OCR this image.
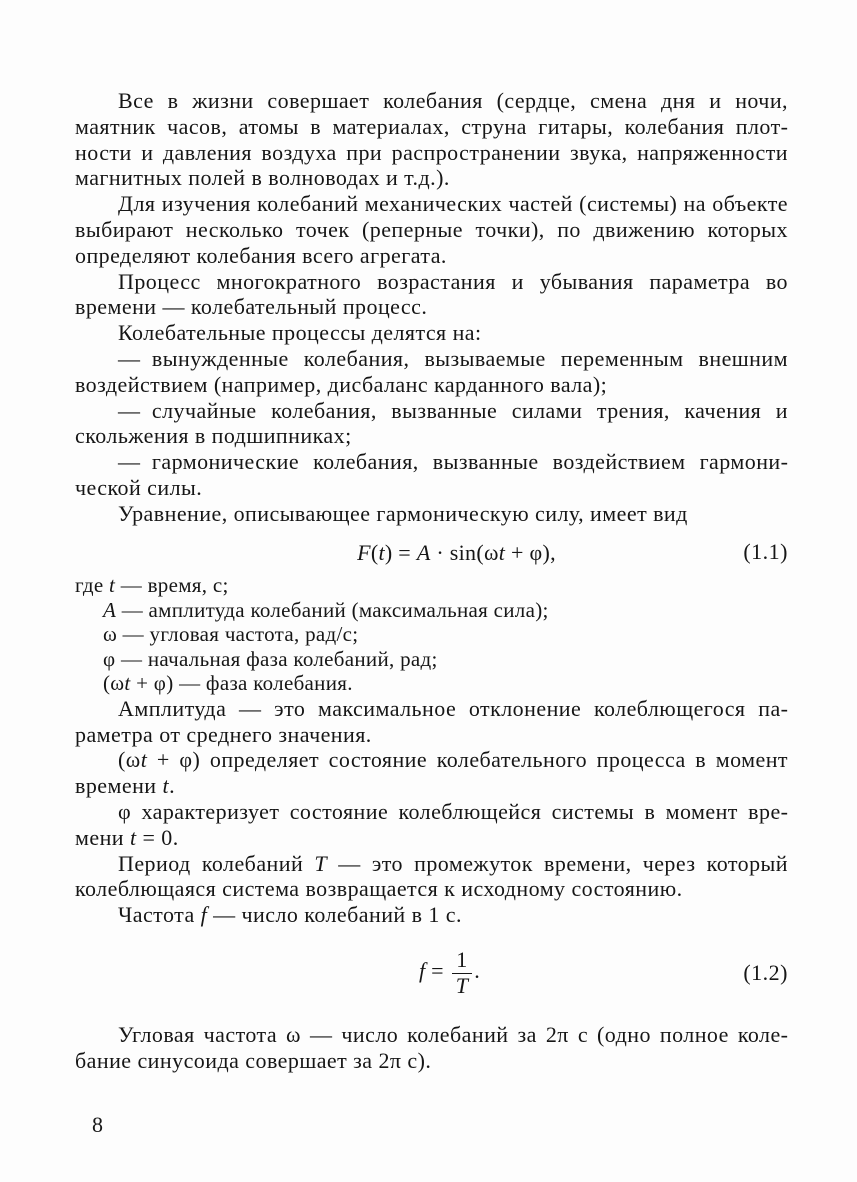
Все в жизни совершает колебания (сердце, смена дня и ночи, маятник часов, атомы в материалах, струна гитары, колебания плотности и давления воздуха при распространении звука, напряженности магнитных полей в волноводах и т.д.).

Для изучения колебаний механических частей (системы) на объекте выбирают несколько точек (реперные точки), по движению которых определяют колебания всего агрегата.

Процесс многократного возрастания и убывания параметра во времени — колебательный процесс.

Колебательные процессы делятся на:

— вынужденные колебания, вызываемые переменным внешним воздействием (например, дисбаланс карданного вала);

— случайные колебания, вызванные силами трения, качения и скольжения в подшипниках;

— гармонические колебания, вызванные воздействием гармонической силы.

Уравнение, описывающее гармоническую силу, имеет вид

F(t) = A · sin(ωt + φ),	(1.1)
где t — время, с;
A — амплитуда колебаний (максимальная сила);
ω — угловая частота, рад/с;
φ — начальная фаза колебаний, рад;
(ωt + φ) — фаза колебания.

Амплитуда — это максимальное отклонение колеблющегося параметра от среднего значения.

(ωt + φ) определяет состояние колебательного процесса в момент времени t.

φ характеризует состояние колеблющейся системы в момент времени t = 0.

Период колебаний T — это промежуток времени, через который колеблющаяся система возвращается к исходному состоянию.

Частота f — число колебаний в 1 с.

$f = \frac{1}{T}$ .	(1.2)

Угловая частота ω — число колебаний за 2π с (одно полное колебание синусоида совершает за 2π с).

8
